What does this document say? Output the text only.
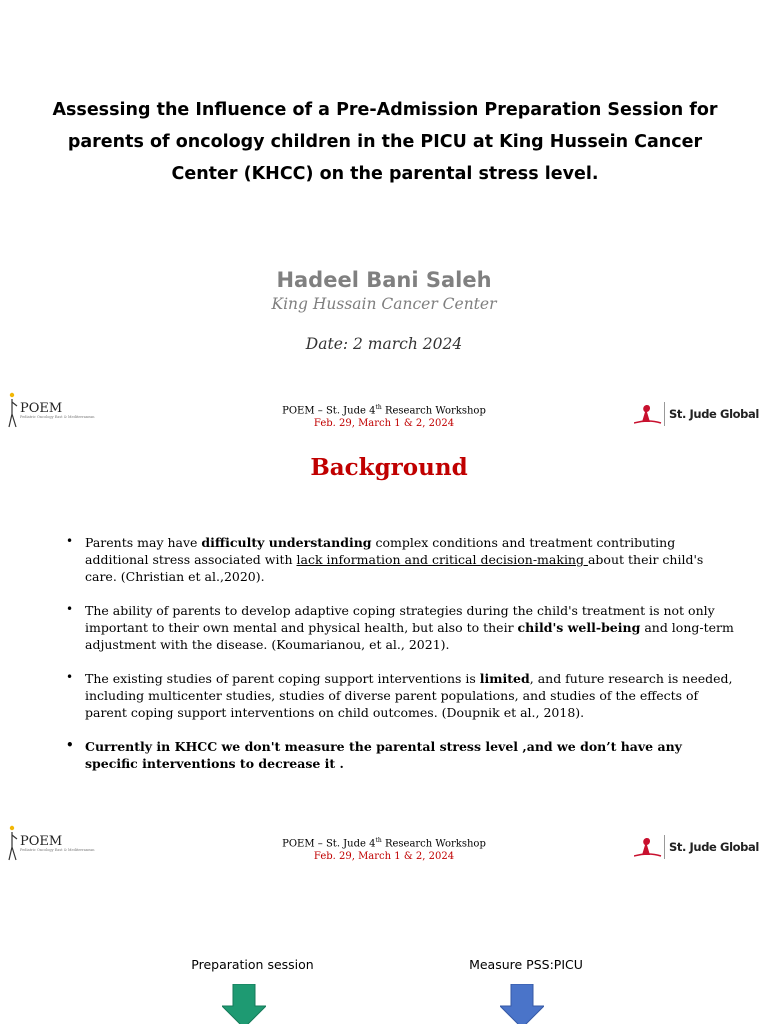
Assessing the Influence of a Pre-Admission Preparation Session for parents of oncology children in the PICU at King Hussein Cancer Center (KHCC) on the parental stress level.
Hadeel Bani Saleh
King Hussain Cancer Center
Date: 2 march 2024
POEM
Pediatric Oncology East & Mediterranean
POEM – St. Jude 4th Research Workshop
Feb. 29, March 1 & 2, 2024
St. Jude Global
Background
• Parents may have difficulty understanding complex conditions and treatment contributing additional stress associated with lack information and critical decision-making about their child's care. (Christian et al.,2020).
• The ability of parents to develop adaptive coping strategies during the child's treatment is not only important to their own mental and physical health, but also to their child's well-being and long-term adjustment with the disease. (Koumarianou, et al., 2021).
• The existing studies of parent coping support interventions is limited, and future research is needed, including multicenter studies, studies of diverse parent populations, and studies of the effects of parent coping support interventions on child outcomes. (Doupnik et al., 2018).
• Currently in KHCC we don't measure the parental stress level ,and we don’t have any specific interventions to decrease it .
POEM
Pediatric Oncology East & Mediterranean
POEM – St. Jude 4th Research Workshop
Feb. 29, March 1 & 2, 2024
St. Jude Global
Preparation session	Measure PSS:PICU
